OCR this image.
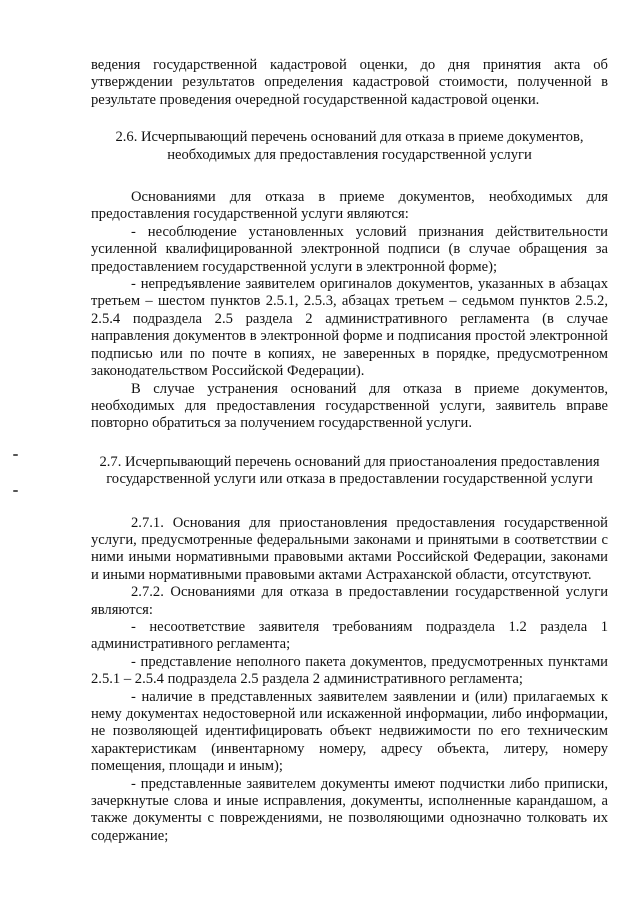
ведения государственной кадастровой оценки, до дня принятия акта об утверждении результатов определения кадастровой стоимости, полученной в результате проведения очередной государственной кадастровой оценки.

2.6. Исчерпывающий перечень оснований для отказа в приеме документов, необходимых для предоставления государственной услуги

Основаниями для отказа в приеме документов, необходимых для предоставления государственной услуги являются:

- несоблюдение установленных условий признания действительности усиленной квалифицированной электронной подписи (в случае обращения за предоставлением государственной услуги в электронной форме);

- непредъявление заявителем оригиналов документов, указанных в абзацах третьем – шестом пунктов 2.5.1, 2.5.3, абзацах третьем – седьмом пунктов 2.5.2, 2.5.4 подраздела 2.5 раздела 2 административного регламента (в случае направления документов в электронной форме и подписания простой электронной подписью или по почте в копиях, не заверенных в порядке, предусмотренном законодательством Российской Федерации).

В случае устранения оснований для отказа в приеме документов, необходимых для предоставления государственной услуги, заявитель вправе повторно обратиться за получением государственной услуги.

2.7. Исчерпывающий перечень оснований для приостаноаления предоставления государственной услуги или отказа в предоставлении государственной услуги

2.7.1. Основания для приостановления предоставления государственной услуги, предусмотренные федеральными законами и принятыми в соответствии с ними иными нормативными правовыми актами Российской Федерации, законами и иными нормативными правовыми актами Астраханской области, отсутствуют.

2.7.2. Основаниями для отказа в предоставлении государственной услуги являются:

- несоответствие заявителя требованиям подраздела 1.2 раздела 1 административного регламента;

- представление неполного пакета документов, предусмотренных пунктами 2.5.1 – 2.5.4 подраздела 2.5 раздела 2 административного регламента;

- наличие в представленных заявителем заявлении и (или) прилагаемых к нему документах недостоверной или искаженной информации, либо информации, не позволяющей идентифицировать объект недвижимости по его техническим характеристикам (инвентарному номеру, адресу объекта, литеру, номеру помещения, площади и иным);

- представленные заявителем документы имеют подчистки либо приписки, зачеркнутые слова и иные исправления, документы, исполненные карандашом, а также документы с повреждениями, не позволяющими однозначно толковать их содержание;
